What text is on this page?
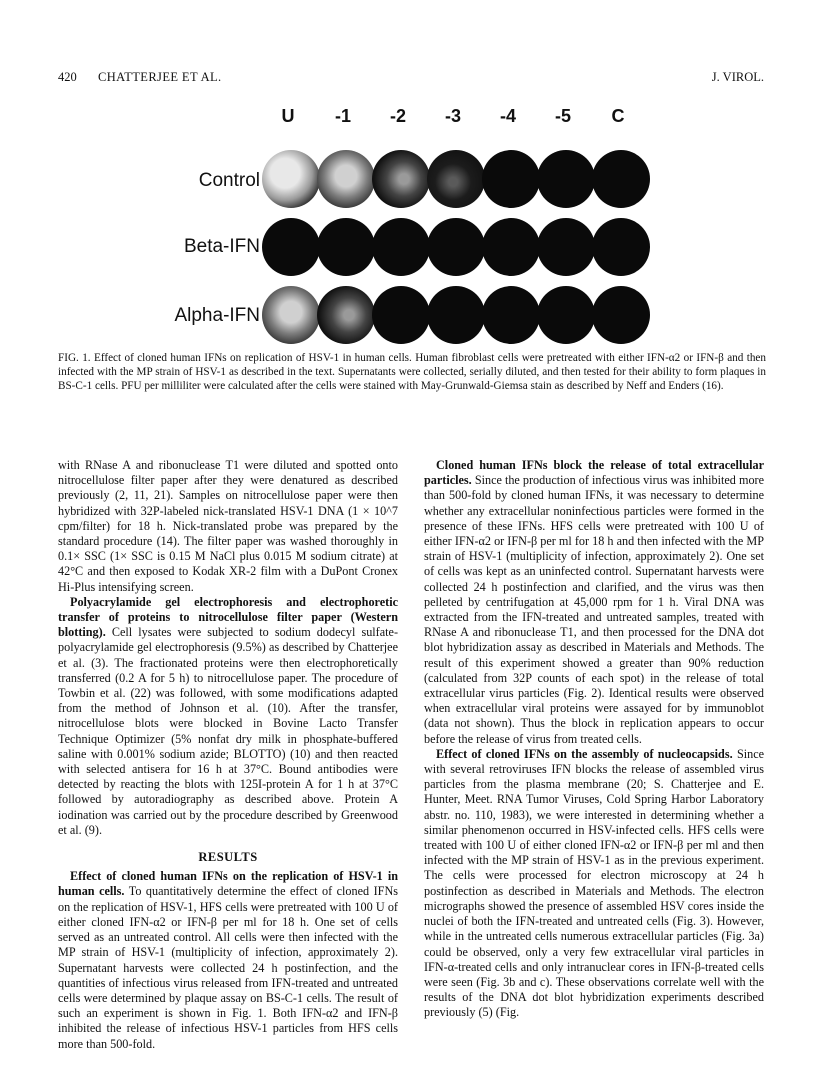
420 CHATTERJEE ET AL.	J. VIROL.
U	-1	-2	-3	-4	-5	C
Control
Beta-IFN
Alpha-IFN
FIG. 1. Effect of cloned human IFNs on replication of HSV-1 in human cells. Human fibroblast cells were pretreated with either IFN-α2 or IFN-β and then infected with the MP strain of HSV-1 as described in the text. Supernatants were collected, serially diluted, and then tested for their ability to form plaques in BS-C-1 cells. PFU per milliliter were calculated after the cells were stained with May-Grunwald-Giemsa stain as described by Neff and Enders (16).

with RNase A and ribonuclease T1 were diluted and spotted onto nitrocellulose filter paper after they were denatured as described previously (2, 11, 21). Samples on nitrocellulose paper were then hybridized with 32P-labeled nick-translated HSV-1 DNA (1 × 10^7 cpm/filter) for 18 h. Nick-translated probe was prepared by the standard procedure (14). The filter paper was washed thoroughly in 0.1× SSC (1× SSC is 0.15 M NaCl plus 0.015 M sodium citrate) at 42°C and then exposed to Kodak XR-2 film with a DuPont Cronex Hi-Plus intensifying screen.

Polyacrylamide gel electrophoresis and electrophoretic transfer of proteins to nitrocellulose filter paper (Western blotting). Cell lysates were subjected to sodium dodecyl sulfate-polyacrylamide gel electrophoresis (9.5%) as described by Chatterjee et al. (3). The fractionated proteins were then electrophoretically transferred (0.2 A for 5 h) to nitrocellulose paper. The procedure of Towbin et al. (22) was followed, with some modifications adapted from the method of Johnson et al. (10). After the transfer, nitrocellulose blots were blocked in Bovine Lacto Transfer Technique Optimizer (5% nonfat dry milk in phosphate-buffered saline with 0.001% sodium azide; BLOTTO) (10) and then reacted with selected antisera for 16 h at 37°C. Bound antibodies were detected by reacting the blots with 125I-protein A for 1 h at 37°C followed by autoradiography as described above. Protein A iodination was carried out by the procedure described by Greenwood et al. (9).

RESULTS

Effect of cloned human IFNs on the replication of HSV-1 in human cells. To quantitatively determine the effect of cloned IFNs on the replication of HSV-1, HFS cells were pretreated with 100 U of either cloned IFN-α2 or IFN-β per ml for 18 h. One set of cells served as an untreated control. All cells were then infected with the MP strain of HSV-1 (multiplicity of infection, approximately 2). Supernatant harvests were collected 24 h postinfection, and the quantities of infectious virus released from IFN-treated and untreated cells were determined by plaque assay on BS-C-1 cells. The result of such an experiment is shown in Fig. 1. Both IFN-α2 and IFN-β inhibited the release of infectious HSV-1 particles from HFS cells more than 500-fold.

Cloned human IFNs block the release of total extracellular particles. Since the production of infectious virus was inhibited more than 500-fold by cloned human IFNs, it was necessary to determine whether any extracellular noninfectious particles were formed in the presence of these IFNs. HFS cells were pretreated with 100 U of either IFN-α2 or IFN-β per ml for 18 h and then infected with the MP strain of HSV-1 (multiplicity of infection, approximately 2). One set of cells was kept as an uninfected control. Supernatant harvests were collected 24 h postinfection and clarified, and the virus was then pelleted by centrifugation at 45,000 rpm for 1 h. Viral DNA was extracted from the IFN-treated and untreated samples, treated with RNase A and ribonuclease T1, and then processed for the DNA dot blot hybridization assay as described in Materials and Methods. The result of this experiment showed a greater than 90% reduction (calculated from 32P counts of each spot) in the release of total extracellular virus particles (Fig. 2). Identical results were observed when extracellular viral proteins were assayed for by immunoblot (data not shown). Thus the block in replication appears to occur before the release of virus from treated cells.

Effect of cloned IFNs on the assembly of nucleocapsids. Since with several retroviruses IFN blocks the release of assembled virus particles from the plasma membrane (20; S. Chatterjee and E. Hunter, Meet. RNA Tumor Viruses, Cold Spring Harbor Laboratory abstr. no. 110, 1983), we were interested in determining whether a similar phenomenon occurred in HSV-infected cells. HFS cells were treated with 100 U of either cloned IFN-α2 or IFN-β per ml and then infected with the MP strain of HSV-1 as in the previous experiment. The cells were processed for electron microscopy at 24 h postinfection as described in Materials and Methods. The electron micrographs showed the presence of assembled HSV cores inside the nuclei of both the IFN-treated and untreated cells (Fig. 3). However, while in the untreated cells numerous extracellular particles (Fig. 3a) could be observed, only a very few extracellular viral particles in IFN-α-treated cells and only intranuclear cores in IFN-β-treated cells were seen (Fig. 3b and c). These observations correlate well with the results of the DNA dot blot hybridization experiments described previously (5) (Fig.
